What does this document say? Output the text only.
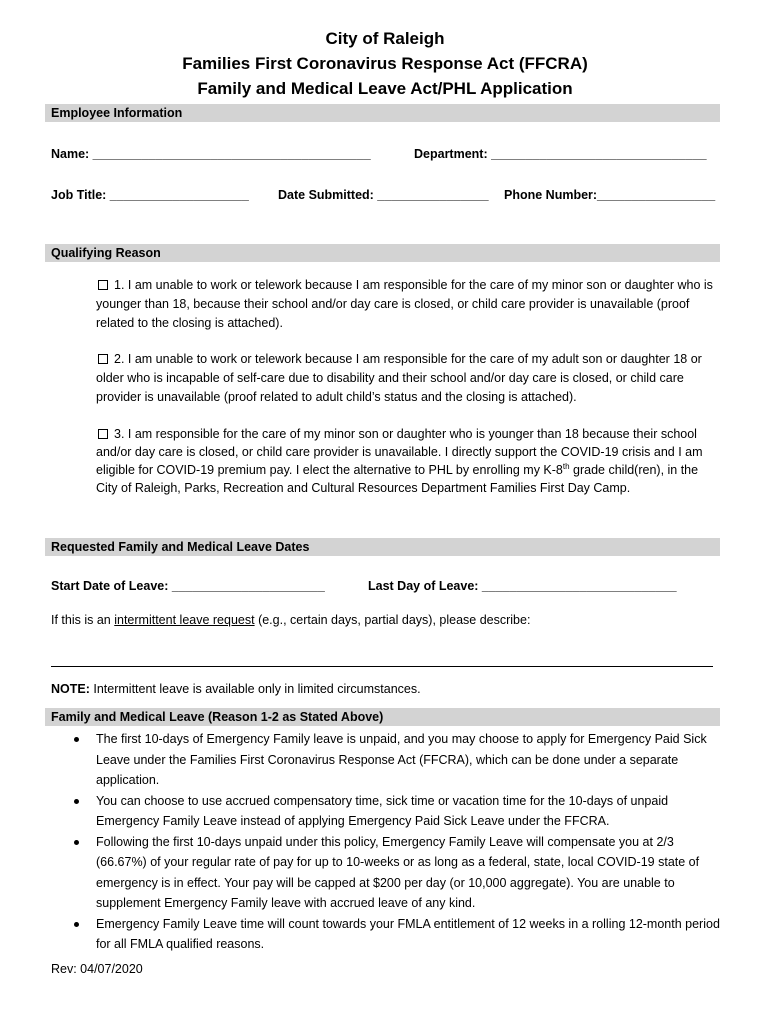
City of Raleigh
Families First Coronavirus Response Act (FFCRA)
Family and Medical Leave Act/PHL Application
Employee Information
Name: ________________________________________	Department: _______________________________
Job Title: ____________________ Date Submitted: ________________ Phone Number:_________________
Qualifying Reason
1. I am unable to work or telework because I am responsible for the care of my minor son or daughter who is younger than 18, because their school and/or day care is closed, or child care provider is unavailable (proof related to the closing is attached).
2. I am unable to work or telework because I am responsible for the care of my adult son or daughter 18 or older who is incapable of self-care due to disability and their school and/or day care is closed, or child care provider is unavailable (proof related to adult child’s status and the closing is attached).
3. I am responsible for the care of my minor son or daughter who is younger than 18 because their school and/or day care is closed, or child care provider is unavailable. I directly support the COVID-19 crisis and I am eligible for COVID-19 premium pay. I elect the alternative to PHL by enrolling my K-8th grade child(ren), in the City of Raleigh, Parks, Recreation and Cultural Resources Department Families First Day Camp.
Requested Family and Medical Leave Dates
Start Date of Leave: ______________________	Last Day of Leave: ____________________________
If this is an intermittent leave request (e.g., certain days, partial days), please describe:
NOTE: Intermittent leave is available only in limited circumstances.
Family and Medical Leave (Reason 1-2 as Stated Above)
The first 10-days of Emergency Family leave is unpaid, and you may choose to apply for Emergency Paid Sick Leave under the Families First Coronavirus Response Act (FFCRA), which can be done under a separate application.
You can choose to use accrued compensatory time, sick time or vacation time for the 10-days of unpaid Emergency Family Leave instead of applying Emergency Paid Sick Leave under the FFCRA.
Following the first 10-days unpaid under this policy, Emergency Family Leave will compensate you at 2/3 (66.67%) of your regular rate of pay for up to 10-weeks or as long as a federal, state, local COVID-19 state of emergency is in effect. Your pay will be capped at $200 per day (or 10,000 aggregate). You are unable to supplement Emergency Family leave with accrued leave of any kind.
Emergency Family Leave time will count towards your FMLA entitlement of 12 weeks in a rolling 12-month period for all FMLA qualified reasons.
Rev: 04/07/2020
